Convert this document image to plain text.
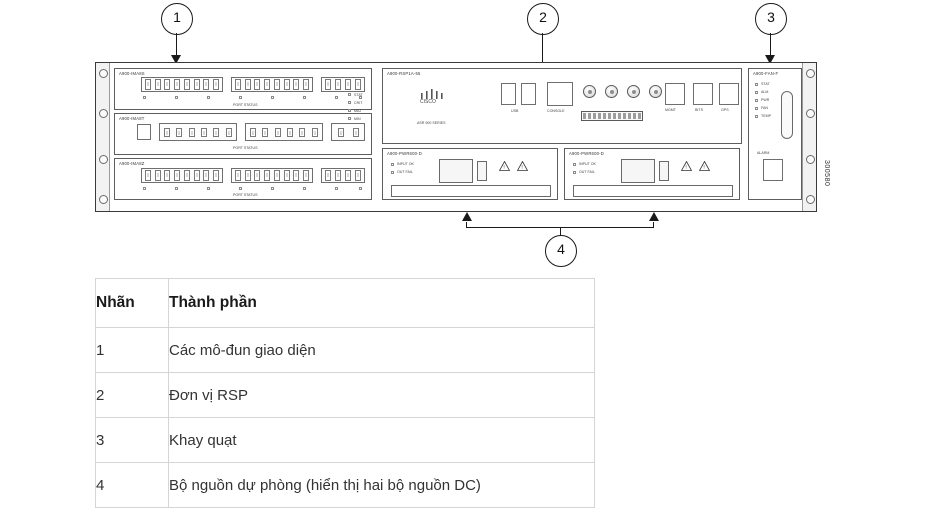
1	2	3
4
A900-IMA8S
PORT STATUS
A900-IMA8T
PORT STATUS
A900-IMA8Z
PORT STATUS
A900-RSP1A-55
CISCO
ASR 900 SERIES
USB	CONSOLE	MGMT	BITS	GPS
STAT
CRIT
MAJ
MIN
A900-PWR600-D
INPUT OK
OUT FAIL
!	!
A900-PWR600-D
INPUT OK
OUT FAIL
!	!
A900-FAN-F
STAT
ALM
PWR
FAN
TEMP
ALARM
300580
Nhãn	Thành phần
1	Các mô-đun giao diện
2	Đơn vị RSP
3	Khay quạt
4	Bộ nguồn dự phòng (hiển thị hai bộ nguồn DC)
